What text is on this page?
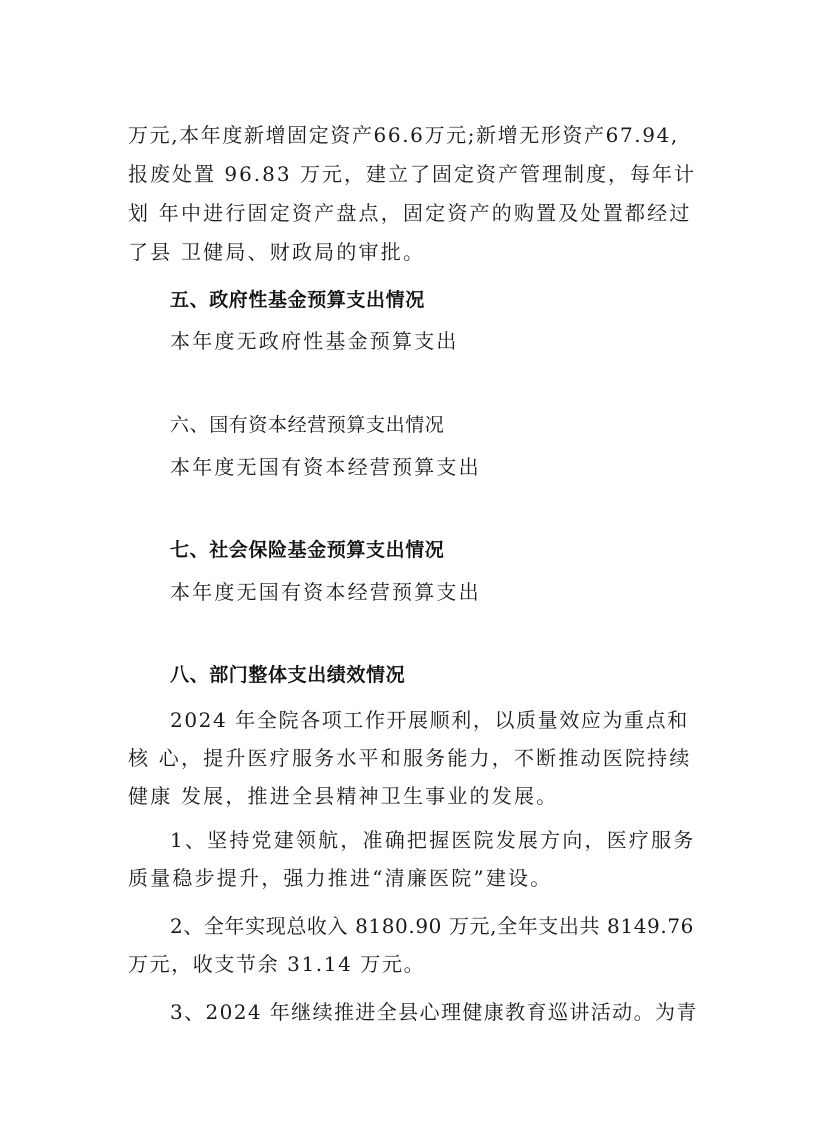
万元,本年度新增固定资产66.6万元;新增无形资产67.94,
报废处置 96.83 万元，建立了固定资产管理制度，每年计
划 年中进行固定资产盘点，固定资产的购置及处置都经过
了县 卫健局、财政局的审批。
五、政府性基金预算支出情况
本年度无政府性基金预算支出
六、国有资本经营预算支出情况
本年度无国有资本经营预算支出
七、社会保险基金预算支出情况
本年度无国有资本经营预算支出
八、部门整体支出绩效情况
2024 年全院各项工作开展顺利，以质量效应为重点和
核 心，提升医疗服务水平和服务能力，不断推动医院持续
健康 发展，推进全县精神卫生事业的发展。
1、坚持党建领航，准确把握医院发展方向，医疗服务
质量稳步提升，强力推进“清廉医院”建设。
2、全年实现总收入 8180.90 万元,全年支出共 8149.76
万元，收支节余 31.14 万元。
3、2024 年继续推进全县心理健康教育巡讲活动。为青
